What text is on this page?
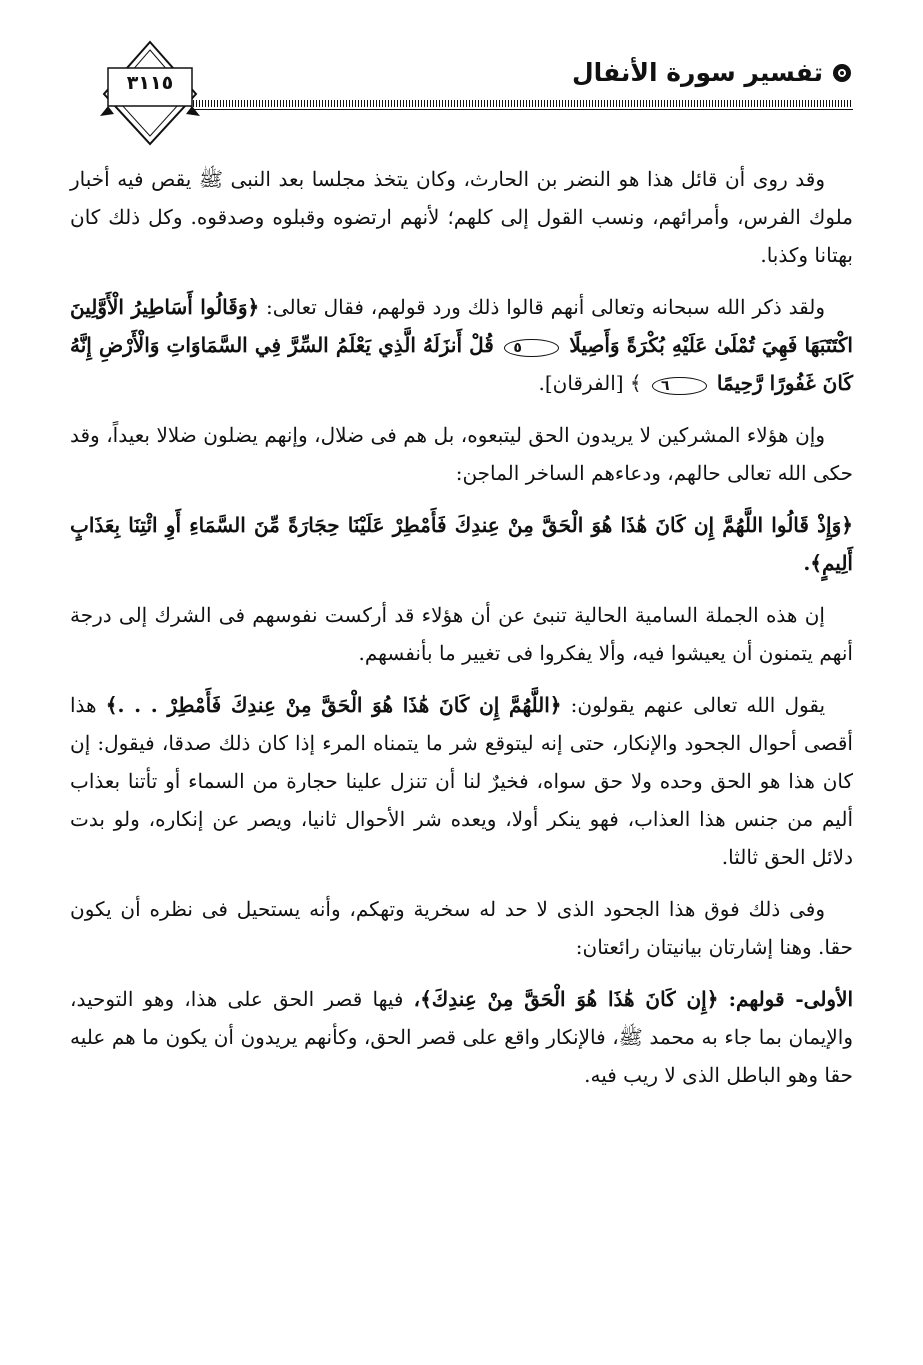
تفسير سورة الأنفال
٣١١٥

وقد روى أن قائل هذا هو النضر بن الحارث، وكان يتخذ مجلسا بعد النبى ﷺ يقص فيه أخبار ملوك الفرس، وأمرائهم، ونسب القول إلى كلهم؛ لأنهم ارتضوه وقبلوه وصدقوه. وكل ذلك كان بهتانا وكذبا.

ولقد ذكر الله سبحانه وتعالى أنهم قالوا ذلك ورد قولهم، فقال تعالى: ﴿وَقَالُوا أَسَاطِيرُ الْأَوَّلِينَ اكْتَتَبَهَا فَهِيَ تُمْلَىٰ عَلَيْهِ بُكْرَةً وَأَصِيلًا ٥ قُلْ أَنزَلَهُ الَّذِي يَعْلَمُ السِّرَّ فِي السَّمَاوَاتِ وَالْأَرْضِ إِنَّهُ كَانَ غَفُورًا رَّحِيمًا ٦ ﴾ [الفرقان].

وإن هؤلاء المشركين لا يريدون الحق ليتبعوه، بل هم فى ضلال، وإنهم يضلون ضلالا بعيداً، وقد حكى الله تعالى حالهم، ودعاءهم الساخر الماجن:

﴿وَإِذْ قَالُوا اللَّهُمَّ إِن كَانَ هَٰذَا هُوَ الْحَقَّ مِنْ عِندِكَ فَأَمْطِرْ عَلَيْنَا حِجَارَةً مِّنَ السَّمَاءِ أَوِ ائْتِنَا بِعَذَابٍ أَلِيمٍ﴾.

إن هذه الجملة السامية الحالية تنبئ عن أن هؤلاء قد أركست نفوسهم فى الشرك إلى درجة أنهم يتمنون أن يعيشوا فيه، وألا يفكروا فى تغيير ما بأنفسهم.

يقول الله تعالى عنهم يقولون: ﴿اللَّهُمَّ إِن كَانَ هَٰذَا هُوَ الْحَقَّ مِنْ عِندِكَ فَأَمْطِرْ . . .﴾ هذا أقصى أحوال الجحود والإنكار، حتى إنه ليتوقع شر ما يتمناه المرء إذا كان ذلك صدقا، فيقول: إن كان هذا هو الحق وحده ولا حق سواه، فخيرٌ لنا أن تنزل علينا حجارة من السماء أو تأتنا بعذاب أليم من جنس هذا العذاب، فهو ينكر أولا، ويعده شر الأحوال ثانيا، ويصر عن إنكاره، ولو بدت دلائل الحق ثالثا.

وفى ذلك فوق هذا الجحود الذى لا حد له سخرية وتهكم، وأنه يستحيل فى نظره أن يكون حقا. وهنا إشارتان بيانيتان رائعتان:

الأولى- قولهم: ﴿إِن كَانَ هَٰذَا هُوَ الْحَقَّ مِنْ عِندِكَ﴾، فيها قصر الحق على هذا، وهو التوحيد، والإيمان بما جاء به محمد ﷺ، فالإنكار واقع على قصر الحق، وكأنهم يريدون أن يكون ما هم عليه حقا وهو الباطل الذى لا ريب فيه.
